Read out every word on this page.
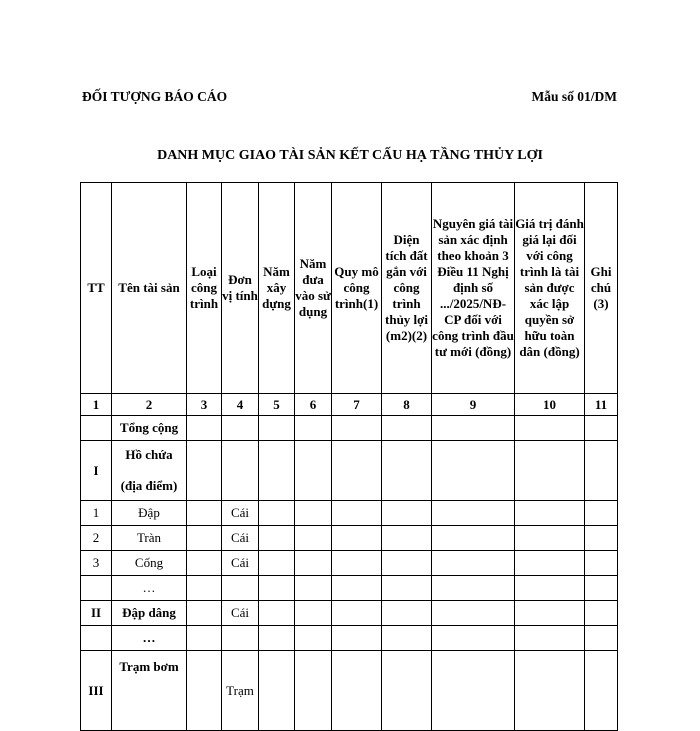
ĐỐI TƯỢNG BÁO CÁO	Mẫu số 01/DM
DANH MỤC GIAO TÀI SẢN KẾT CẤU HẠ TẦNG THỦY LỢI
TT	Tên tài sản	Loại công trình	Đơn vị tính	Năm xây dựng	Năm đưa vào sử dụng	Quy mô công trình(1)	Diện tích đất gắn với công trình thủy lợi (m2)(2)	Nguyên giá tài sản xác định theo khoản 3 Điều 11 Nghị định số .../2025/NĐ-CP đối với công trình đầu tư mới (đồng)	Giá trị đánh giá lại đối với công trình là tài sản được xác lập quyền sở hữu toàn dân (đồng)	Ghi chú (3)
1	2	3	4	5	6	7	8	9	10	11
	Tổng cộng									
I	Hồ chứa
(địa điểm)									

1	Đập		Cái							
2	Tràn		Cái							
3	Cống		Cái							
	…									
II	Đập dâng		Cái							
	…									
III	Trạm bơm		Trạm							
